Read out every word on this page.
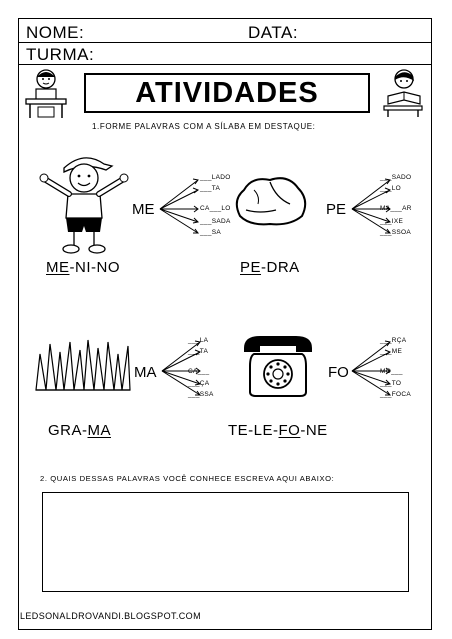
NOME:	DATA:
TURMA:
ATIVIDADES
1.FORME PALAVRAS COM A SÍLABA EM DESTAQUE:
ME
___LADO
___TA
CA___LO
___SADA
___SA
ME-NI-NO
PE
___SADO
___LO
MA___AR
___IXE
___SSOA
PE-DRA
MA
___LA
___TA
CA___
___ÇA
___SSA
GRA-MA
FO
___RÇA
___ME
MO___
___TO
___FOCA
TE-LE-FO-NE
2. QUAIS DESSAS PALAVRAS VOCÊ CONHECE ESCREVA AQUI ABAIXO:
LEDSONALDROVANDI.BLOGSPOT.COM
